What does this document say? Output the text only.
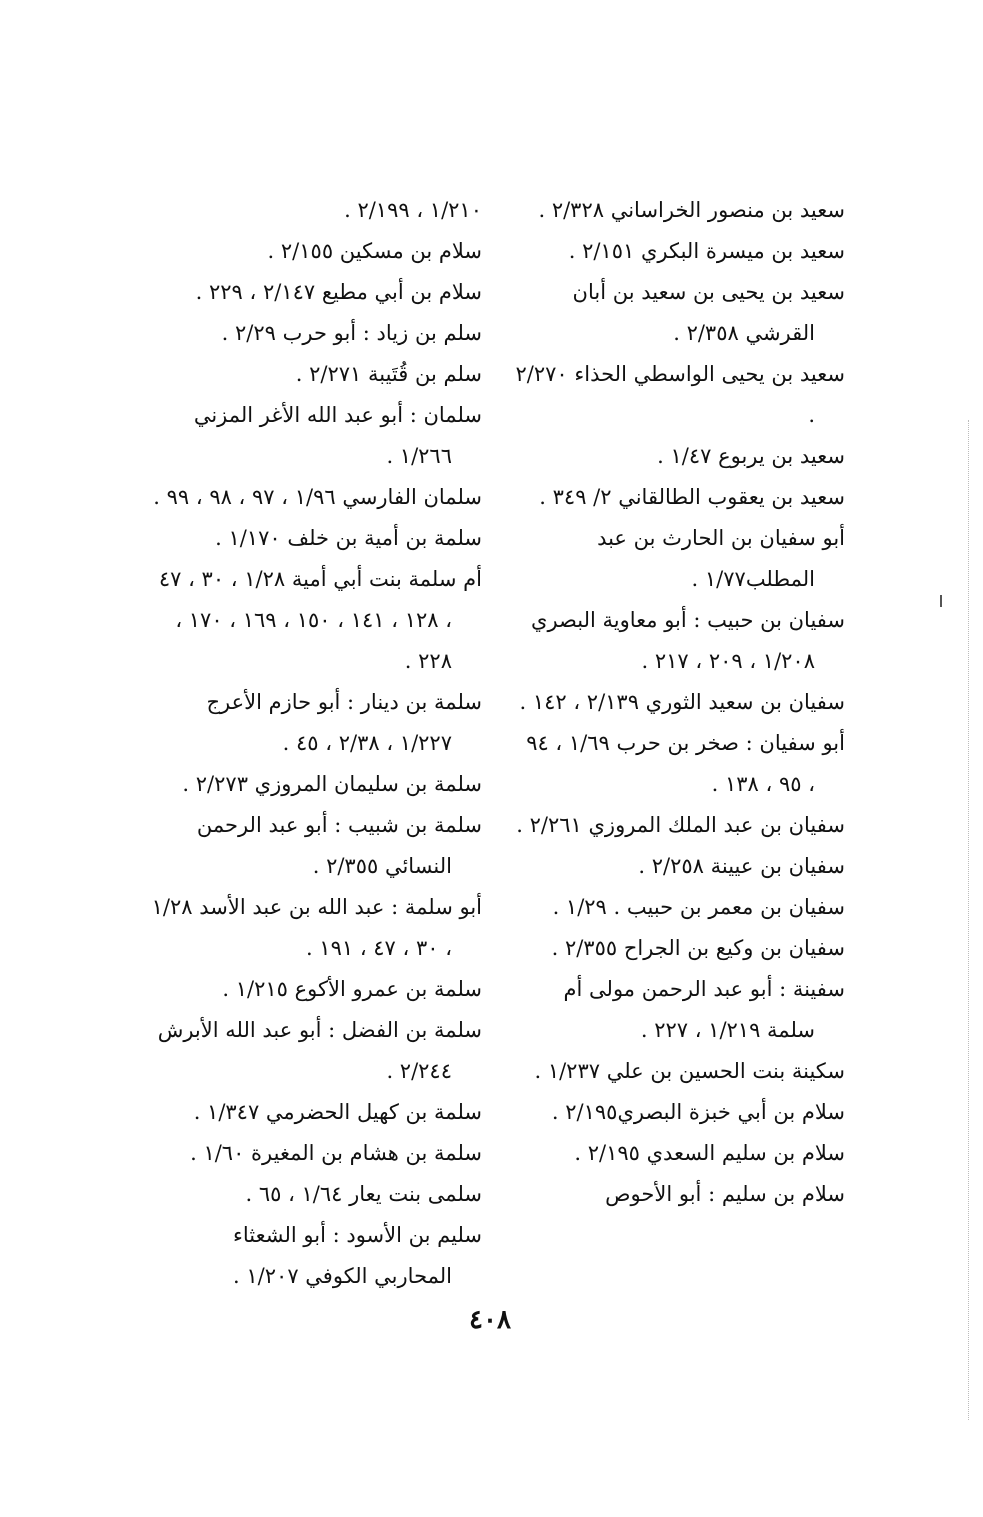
سعيد بن منصور الخراساني ٢/٣٢٨ .

سعيد بن ميسرة البكري ٢/١٥١ .

سعيد بن يحيى بن سعيد بن أبان القرشي ٢/٣٥٨ .

سعيد بن يحيى الواسطي الحذاء ٢/٢٧٠ .

سعيد بن يربوع ١/٤٧ .

سعيد بن يعقوب الطالقاني ٢/ ٣٤٩ .

أبو سفيان بن الحارث بن عبد المطلب١/٧٧ .

سفيان بن حبيب : أبو معاوية البصري ١/٢٠٨ ، ٢٠٩ ، ٢١٧ .

سفيان بن سعيد الثوري ٢/١٣٩ ، ١٤٢ .

أبو سفيان : صخر بن حرب ١/٦٩ ، ٩٤ ، ٩٥ ، ١٣٨ .

سفيان بن عبد الملك المروزي ٢/٢٦١ .

سفيان بن عيينة ٢/٢٥٨ .

سفيان بن معمر بن حبيب . ١/٢٩ .

سفيان بن وكيع بن الجراح ٢/٣٥٥ .

سفينة : أبو عبد الرحمن مولى أم سلمة ١/٢١٩ ، ٢٢٧ .

سكينة بنت الحسين بن علي ١/٢٣٧ .

سلام بن أبي خبزة البصري٢/١٩٥ .

سلام بن سليم السعدي ٢/١٩٥ .

سلام بن سليم : أبو الأحوص

١/٢١٠ ، ٢/١٩٩ .

سلام بن مسكين ٢/١٥٥ .

سلام بن أبي مطيع ٢/١٤٧ ، ٢٢٩ .

سلم بن زياد : أبو حرب ٢/٢٩ .

سلم بن قُتَيبة ٢/٢٧١ .

سلمان : أبو عبد الله الأغر المزني ١/٢٦٦ .

سلمان الفارسي ١/٩٦ ، ٩٧ ، ٩٨ ، ٩٩ .

سلمة بن أمية بن خلف ١/١٧٠ .

أم سلمة بنت أبي أمية ١/٢٨ ، ٣٠ ، ٤٧ ، ١٢٨ ، ١٤١ ، ١٥٠ ، ١٦٩ ، ١٧٠ ، ٢٢٨ .

سلمة بن دينار : أبو حازم الأعرج ١/٢٢٧ ، ٢/٣٨ ، ٤٥ .

سلمة بن سليمان المروزي ٢/٢٧٣ .

سلمة بن شبيب : أبو عبد الرحمن النسائي ٢/٣٥٥ .

أبو سلمة : عبد الله بن عبد الأسد ١/٢٨ ، ٣٠ ، ٤٧ ، ١٩١ .

سلمة بن عمرو الأكوع ١/٢١٥ .

سلمة بن الفضل : أبو عبد الله الأبرش ٢/٢٤٤ .

سلمة بن كهيل الحضرمي ١/٣٤٧ .

سلمة بن هشام بن المغيرة ١/٦٠ .

سلمى بنت يعار ١/٦٤ ، ٦٥ .

سليم بن الأسود : أبو الشعثاء المحاربي الكوفي ١/٢٠٧ .

٤٠٨
